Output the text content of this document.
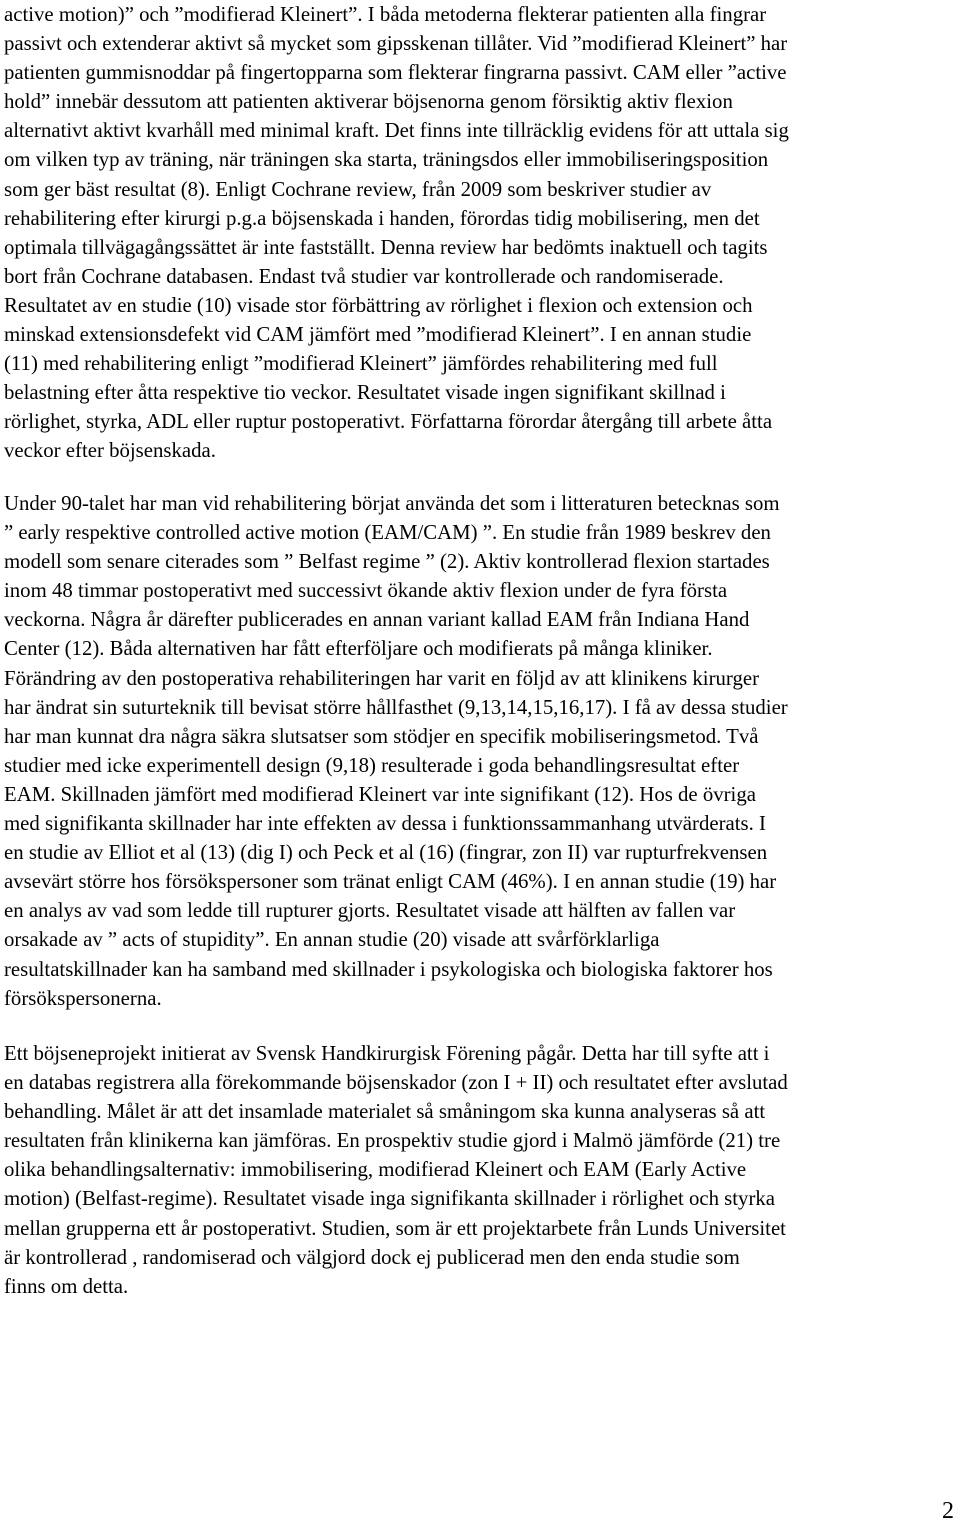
active motion)” och ”modifierad Kleinert”. I båda metoderna flekterar patienten alla fingrar
passivt och extenderar aktivt så mycket som gipsskenan tillåter. Vid ”modifierad Kleinert” har
patienten gummisnoddar på fingertopparna som flekterar fingrarna passivt. CAM eller ”active
hold” innebär dessutom att patienten aktiverar böjsenorna genom försiktig aktiv flexion
alternativt aktivt kvarhåll med minimal kraft. Det finns inte tillräcklig evidens för att uttala sig
om vilken typ av träning, när träningen ska starta, träningsdos eller immobiliseringsposition
som ger bäst resultat (8). Enligt Cochrane review, från 2009 som beskriver studier av
rehabilitering efter kirurgi p.g.a böjsenskada i handen, förordas tidig mobilisering, men det
optimala tillvägagångssättet är inte fastställt. Denna review har bedömts inaktuell och tagits
bort från Cochrane databasen. Endast två studier var kontrollerade och randomiserade.
Resultatet av en studie (10) visade stor förbättring av rörlighet i flexion och extension och
minskad extensionsdefekt vid CAM jämfört med ”modifierad Kleinert”. I en annan studie
(11) med rehabilitering enligt ”modifierad Kleinert” jämfördes rehabilitering med full
belastning efter åtta respektive tio veckor. Resultatet visade ingen signifikant skillnad i
rörlighet, styrka, ADL eller ruptur postoperativt. Författarna förordar återgång till arbete åtta
veckor efter böjsenskada.
Under 90-talet har man vid rehabilitering börjat använda det som i litteraturen betecknas som
” early respektive controlled active motion (EAM/CAM) ”. En studie från 1989 beskrev den
modell som senare citerades som ” Belfast regime ” (2). Aktiv kontrollerad flexion startades
inom 48 timmar postoperativt med successivt ökande aktiv flexion under de fyra första
veckorna. Några år därefter publicerades en annan variant kallad EAM från Indiana Hand
Center (12). Båda alternativen har fått efterföljare och modifierats på många kliniker.
Förändring av den postoperativa rehabiliteringen har varit en följd av att klinikens kirurger
har ändrat sin suturteknik till bevisat större hållfasthet (9,13,14,15,16,17). I få av dessa studier
har man kunnat dra några säkra slutsatser som stödjer en specifik mobiliseringsmetod. Två
studier med icke experimentell design (9,18) resulterade i goda behandlingsresultat efter
EAM. Skillnaden jämfört med modifierad Kleinert var inte signifikant (12). Hos de övriga
med signifikanta skillnader har inte effekten av dessa i funktionssammanhang utvärderats. I
en studie av Elliot et al (13) (dig I) och Peck et al (16) (fingrar, zon II) var rupturfrekvensen
avsevärt större hos försökspersoner som tränat enligt CAM (46%). I en annan studie (19) har
en analys av vad som ledde till rupturer gjorts. Resultatet visade att hälften av fallen var
orsakade av ” acts of stupidity”. En annan studie (20) visade att svårförklarliga
resultatskillnader kan ha samband med skillnader i psykologiska och biologiska faktorer hos
försökspersonerna.
Ett böjseneprojekt initierat av Svensk Handkirurgisk Förening pågår. Detta har till syfte att i
en databas registrera alla förekommande böjsenskador (zon I + II) och resultatet efter avslutad
behandling. Målet är att det insamlade materialet så småningom ska kunna analyseras så att
resultaten från klinikerna kan jämföras. En prospektiv studie gjord i Malmö jämförde (21) tre
olika behandlingsalternativ: immobilisering, modifierad Kleinert och EAM (Early Active
motion) (Belfast-regime). Resultatet visade inga signifikanta skillnader i rörlighet och styrka
mellan grupperna ett år postoperativt. Studien, som är ett projektarbete från Lunds Universitet
är kontrollerad , randomiserad och välgjord dock ej publicerad men den enda studie som
finns om detta.
2
